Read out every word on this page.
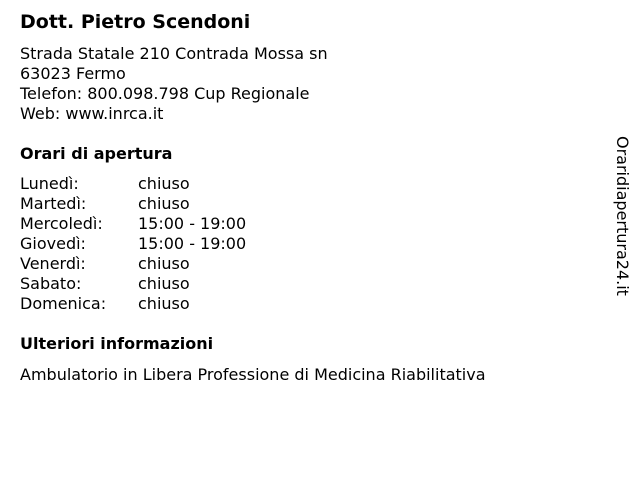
Dott. Pietro Scendoni
Strada Statale 210 Contrada Mossa sn
63023 Fermo
Telefon: 800.098.798 Cup Regionale
Web: www.inrca.it
Orari di apertura
Lunedì:	chiuso
Martedì:	chiuso
Mercoledì: 15:00 - 19:00
Giovedì:	15:00 - 19:00
Venerdì:	chiuso
Sabato:	chiuso
Domenica: chiuso
Ulteriori informazioni
Ambulatorio in Libera Professione di Medicina Riabilitativa
Oraridiapertura24.it
